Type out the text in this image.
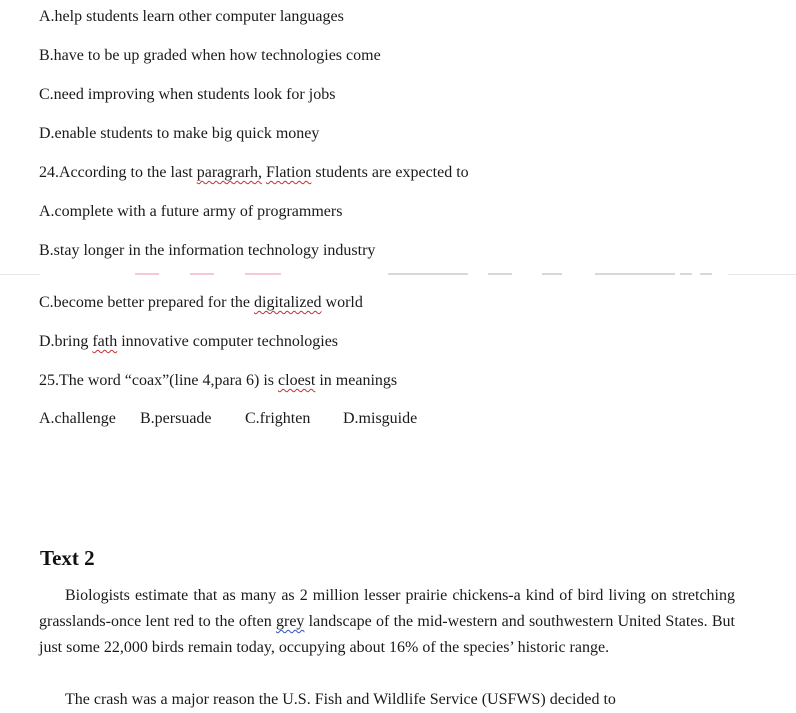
A.help students learn other computer languages
B.have to be up graded when how technologies come
C.need improving when students look for jobs
D.enable students to make big quick money
24.According to the last paragrarh, Flation students are expected to
A.complete with a future army of programmers
B.stay longer in the information technology industry
C.become better prepared for the digitalized world
D.bring fath innovative computer technologies
25.The word “coax”(line 4,para 6) is cloest in meanings
A.challenge B.persuade C.frighten D.misguide
Text 2
Biologists estimate that as many as 2 million lesser prairie chickens-a kind of bird living on stretching grasslands-once lent red to the often grey landscape of the mid-western and southwestern United States. But just some 22,000 birds remain today, occupying about 16% of the species’ historic range.
The crash was a major reason the U.S. Fish and Wildlife Service (USFWS) decided to
